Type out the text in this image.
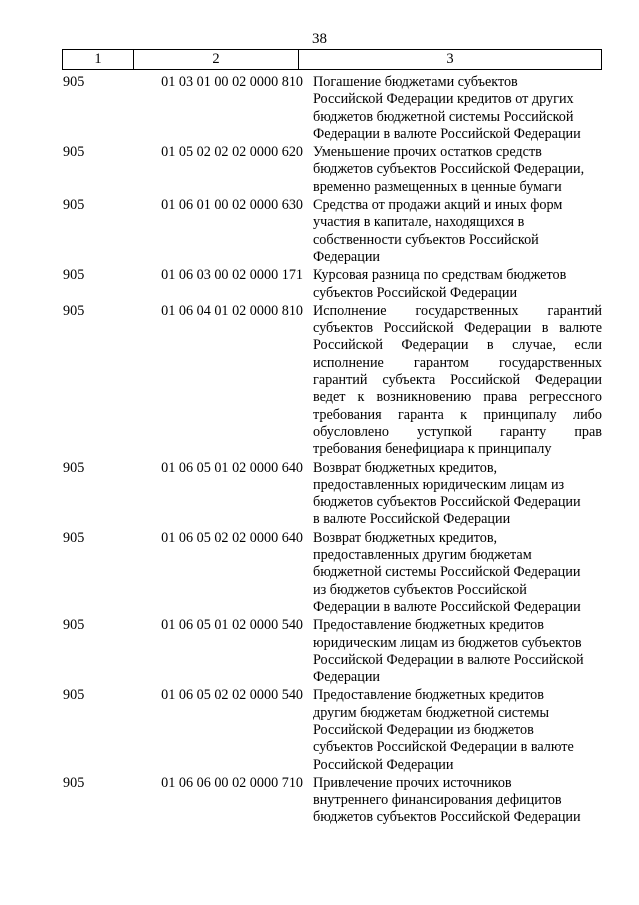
38
1	2	3
905	01 03 01 00 02 0000 810 Погашение бюджетами субъектов
Российской Федерации кредитов от других
бюджетов бюджетной системы Российской
Федерации в валюте Российской Федерации
905	01 05 02 02 02 0000 620 Уменьшение прочих остатков средств
бюджетов субъектов Российской Федерации,
временно размещенных в ценные бумаги
905	01 06 01 00 02 0000 630 Средства от продажи акций и иных форм
участия в капитале, находящихся в
собственности субъектов Российской
Федерации
905	01 06 03 00 02 0000 171 Курсовая разница по средствам бюджетов
субъектов Российской Федерации
905	01 06 04 01 02 0000 810 Исполнение государственных гарантий
субъектов Российской Федерации в валюте
Российской Федерации в случае, если
исполнение гарантом государственных
гарантий субъекта Российской Федерации
ведет к возникновению права регрессного
требования гаранта к принципалу либо
обусловлено уступкой гаранту прав
требования бенефициара к принципалу
905	01 06 05 01 02 0000 640 Возврат бюджетных кредитов,
предоставленных юридическим лицам из
бюджетов субъектов Российской Федерации
в валюте Российской Федерации
905	01 06 05 02 02 0000 640 Возврат бюджетных кредитов,
предоставленных другим бюджетам
бюджетной системы Российской Федерации
из бюджетов субъектов Российской
Федерации в валюте Российской Федерации
905	01 06 05 01 02 0000 540 Предоставление бюджетных кредитов
юридическим лицам из бюджетов субъектов
Российской Федерации в валюте Российской
Федерации
905	01 06 05 02 02 0000 540 Предоставление бюджетных кредитов
другим бюджетам бюджетной системы
Российской Федерации из бюджетов
субъектов Российской Федерации в валюте
Российской Федерации
905	01 06 06 00 02 0000 710 Привлечение прочих источников
внутреннего финансирования дефицитов
бюджетов субъектов Российской Федерации
